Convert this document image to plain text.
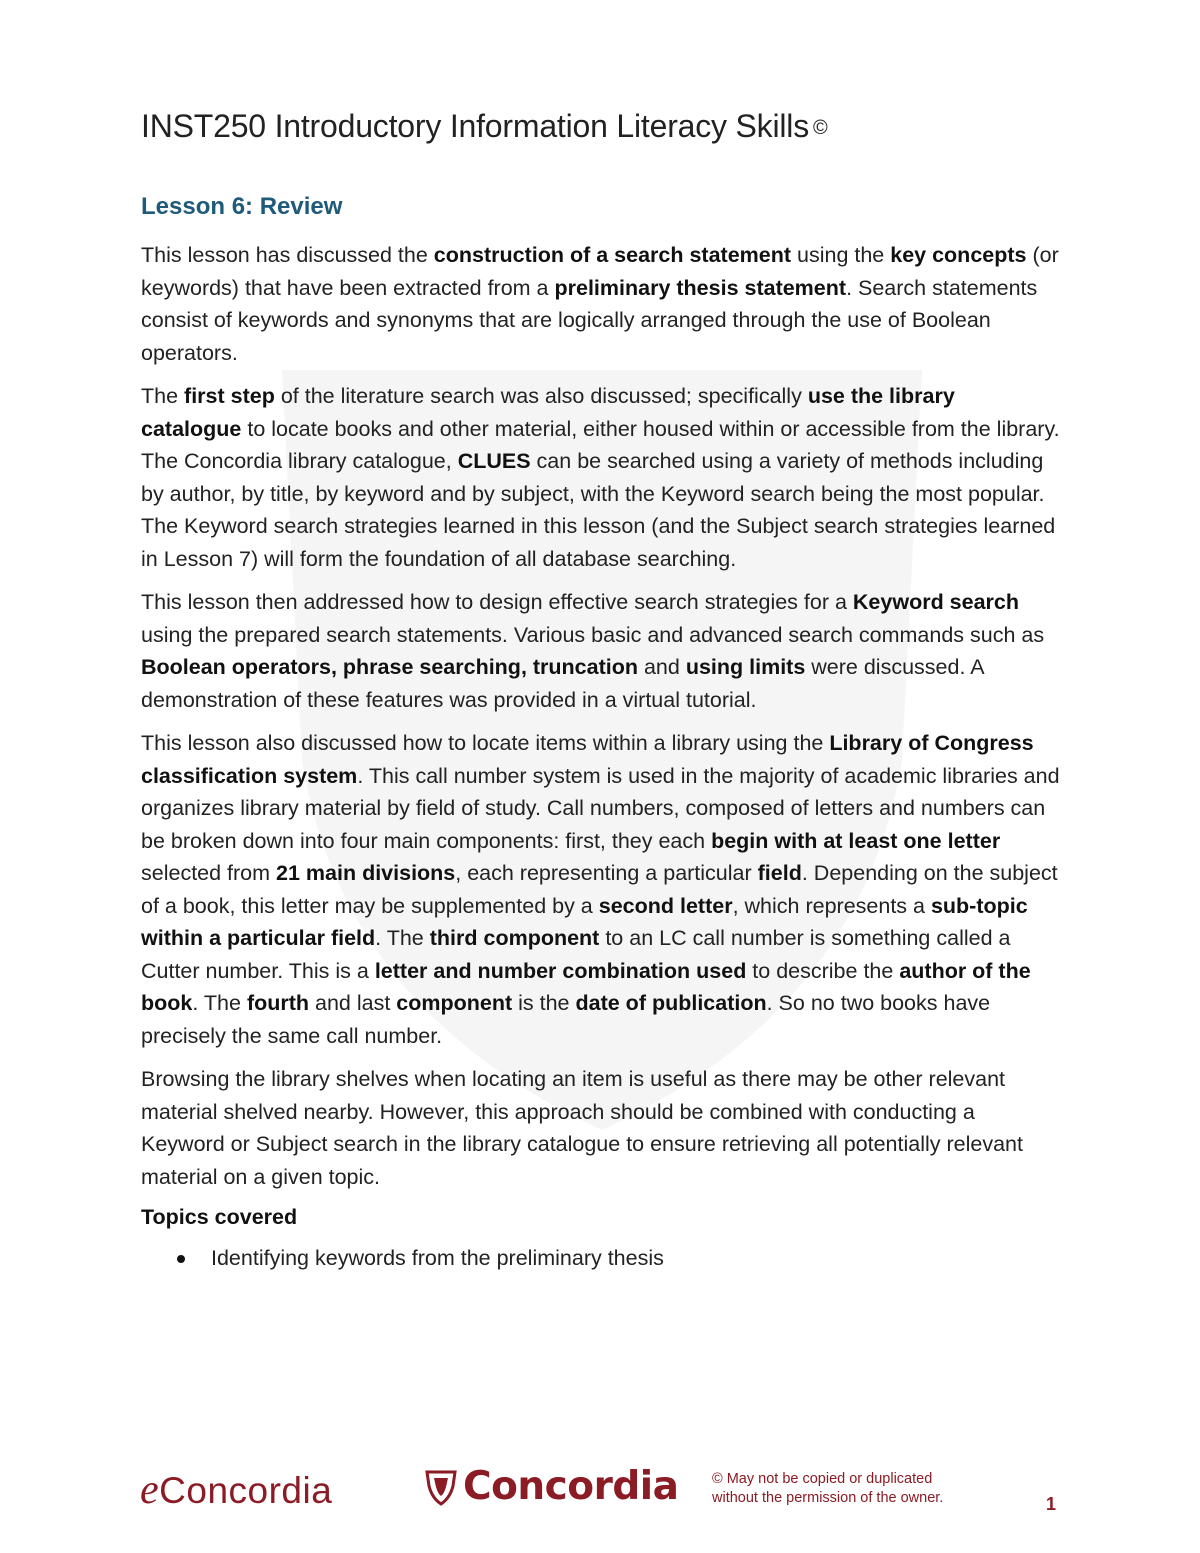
INST250 Introductory Information Literacy Skills ©
Lesson 6: Review

This lesson has discussed the construction of a search statement using the key concepts (or keywords) that have been extracted from a preliminary thesis statement. Search statements consist of keywords and synonyms that are logically arranged through the use of Boolean operators.

The first step of the literature search was also discussed; specifically use the library catalogue to locate books and other material, either housed within or accessible from the library. The Concordia library catalogue, CLUES can be searched using a variety of methods including by author, by title, by keyword and by subject, with the Keyword search being the most popular. The Keyword search strategies learned in this lesson (and the Subject search strategies learned in Lesson 7) will form the foundation of all database searching.

This lesson then addressed how to design effective search strategies for a Keyword search using the prepared search statements. Various basic and advanced search commands such as Boolean operators, phrase searching, truncation and using limits were discussed. A demonstration of these features was provided in a virtual tutorial.

This lesson also discussed how to locate items within a library using the Library of Congress classification system. This call number system is used in the majority of academic libraries and organizes library material by field of study. Call numbers, composed of letters and numbers can be broken down into four main components: first, they each begin with at least one letter selected from 21 main divisions, each representing a particular field. Depending on the subject of a book, this letter may be supplemented by a second letter, which represents a sub-topic within a particular field. The third component to an LC call number is something called a Cutter number. This is a letter and number combination used to describe the author of the book. The fourth and last component is the date of publication. So no two books have precisely the same call number.

Browsing the library shelves when locating an item is useful as there may be other relevant material shelved nearby. However, this approach should be combined with conducting a Keyword or Subject search in the library catalogue to ensure retrieving all potentially relevant material on a given topic.

Topics covered
Identifying keywords from the preliminary thesis
eConcordia	Concordia © May not be copied or duplicated
without the permission of the owner.	1
